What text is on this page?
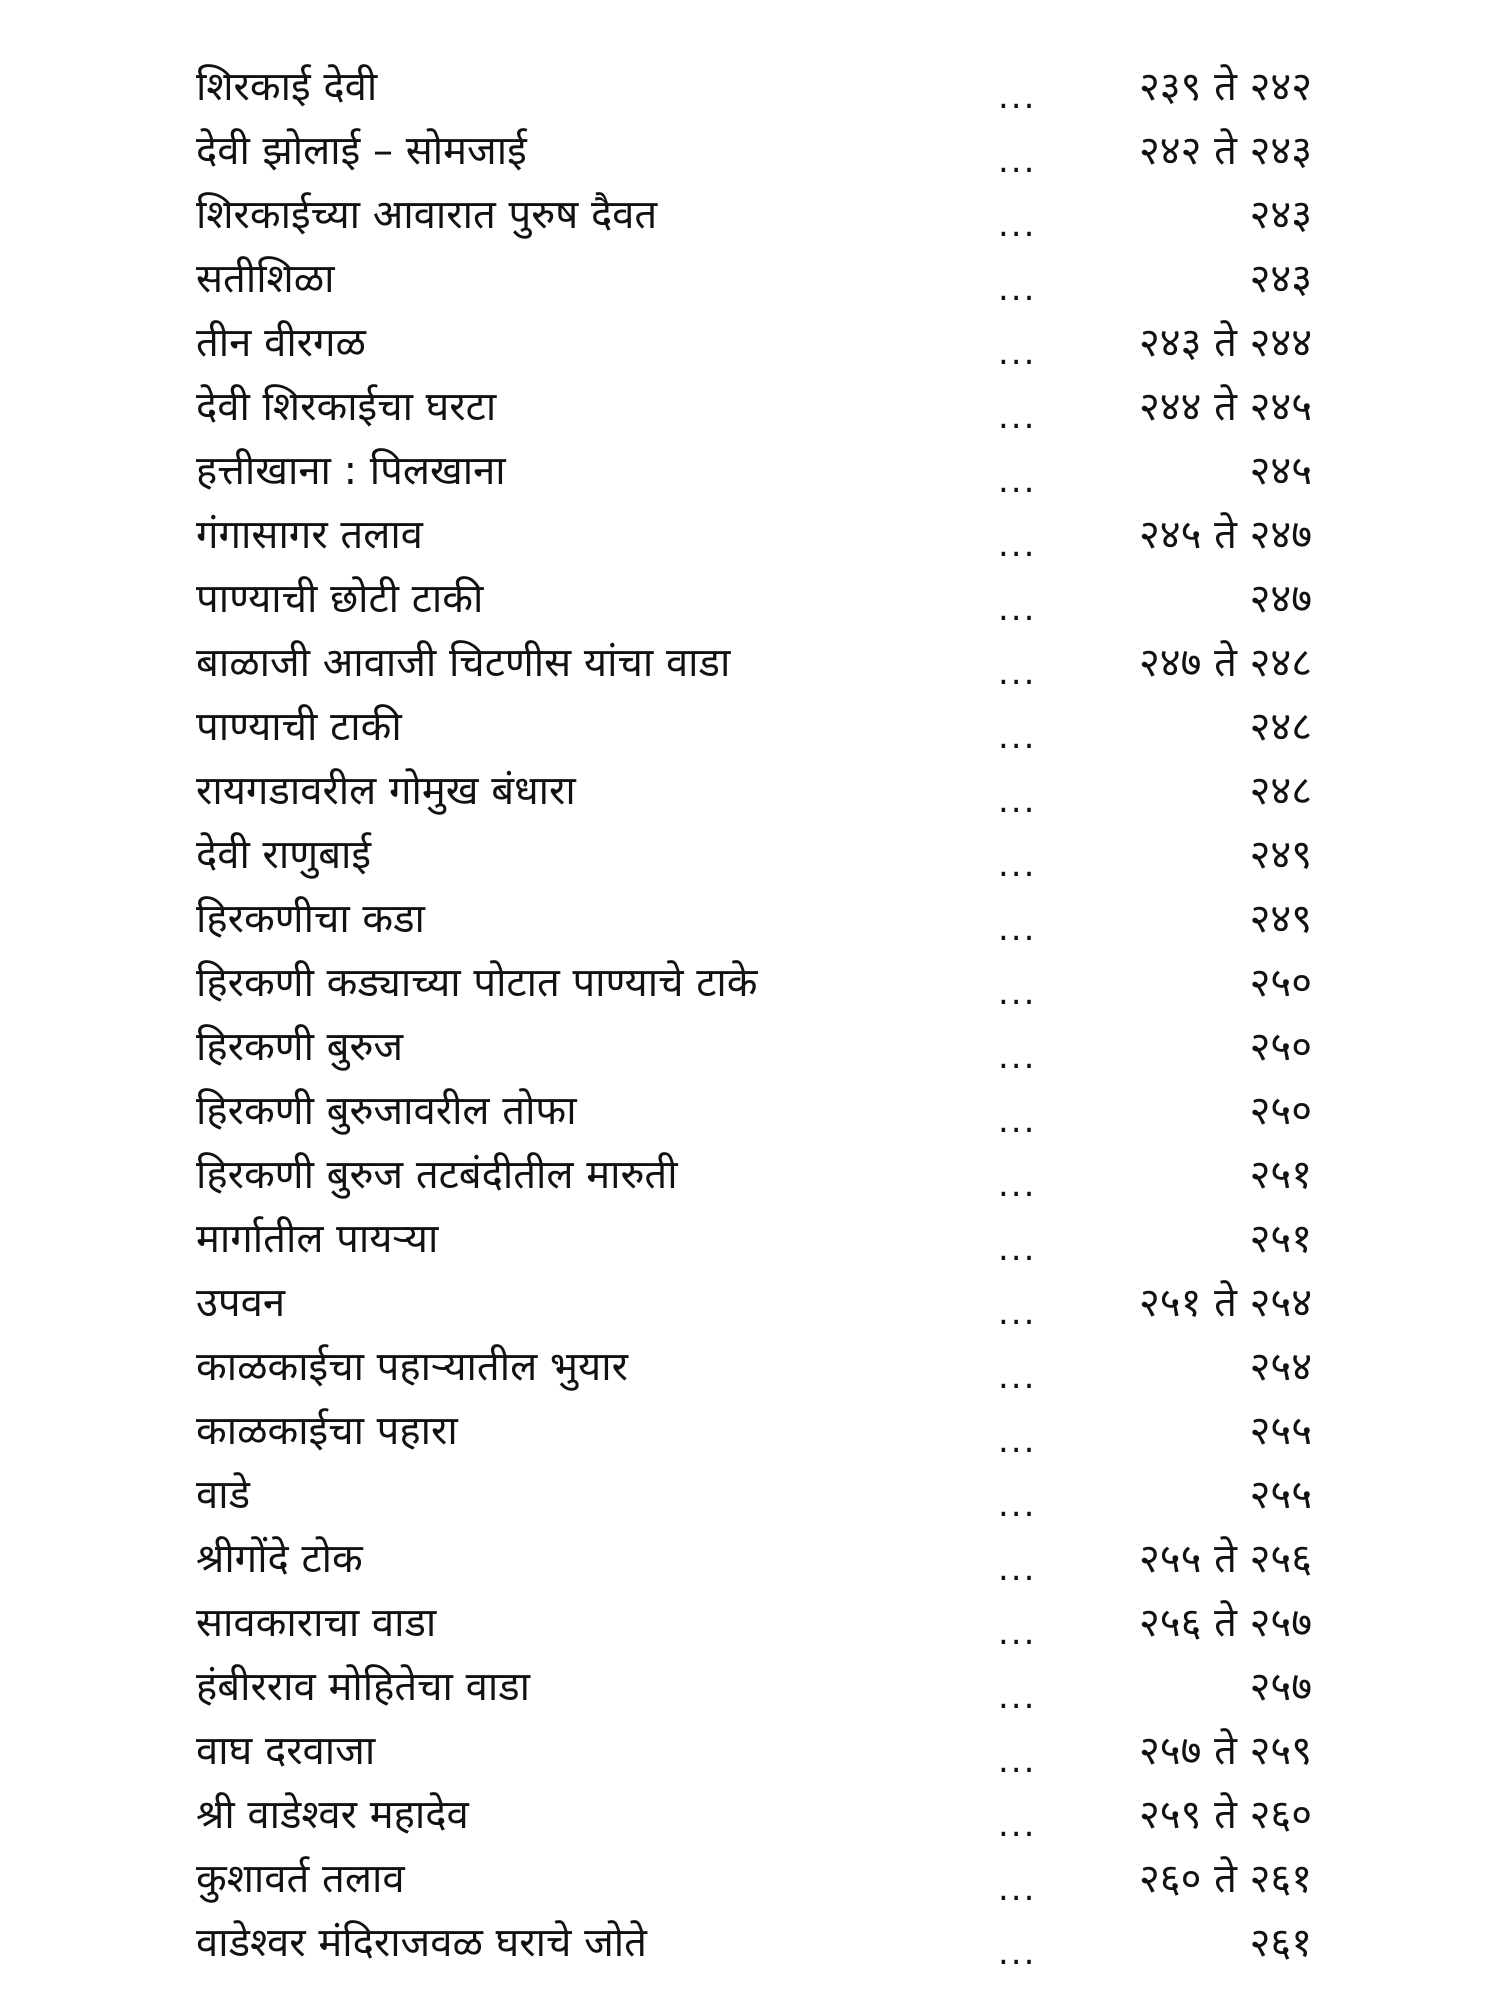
शिरकाई देवी	...	२३९ ते २४२
देवी झोलाई – सोमजाई	...	२४२ ते २४३
शिरकाईच्या आवारात पुरुष दैवत	...	२४३
सतीशिळा	...	२४३
तीन वीरगळ	...	२४३ ते २४४
देवी शिरकाईचा घरटा	...	२४४ ते २४५
हत्तीखाना : पिलखाना	...	२४५
गंगासागर तलाव	...	२४५ ते २४७
पाण्याची छोटी टाकी	...	२४७
बाळाजी आवाजी चिटणीस यांचा वाडा	...	२४७ ते २४८
पाण्याची टाकी	...	२४८
रायगडावरील गोमुख बंधारा	...	२४८
देवी राणुबाई	...	२४९
हिरकणीचा कडा	...	२४९
हिरकणी कड्याच्या पोटात पाण्याचे टाके	...	२५०
हिरकणी बुरुज	...	२५०
हिरकणी बुरुजावरील तोफा	...	२५०
हिरकणी बुरुज तटबंदीतील मारुती	...	२५१
मार्गातील पायऱ्या	...	२५१
उपवन	...	२५१ ते २५४
काळकाईचा पहाऱ्यातील भुयार	...	२५४
काळकाईचा पहारा	...	२५५
वाडे	...	२५५
श्रीगोंदे टोक	...	२५५ ते २५६
सावकाराचा वाडा	...	२५६ ते २५७
हंबीरराव मोहितेचा वाडा	...	२५७
वाघ दरवाजा	...	२५७ ते २५९
श्री वाडेश्वर महादेव	...	२५९ ते २६०
कुशावर्त तलाव	...	२६० ते २६१
वाडेश्वर मंदिराजवळ घराचे जोते	...	२६१
